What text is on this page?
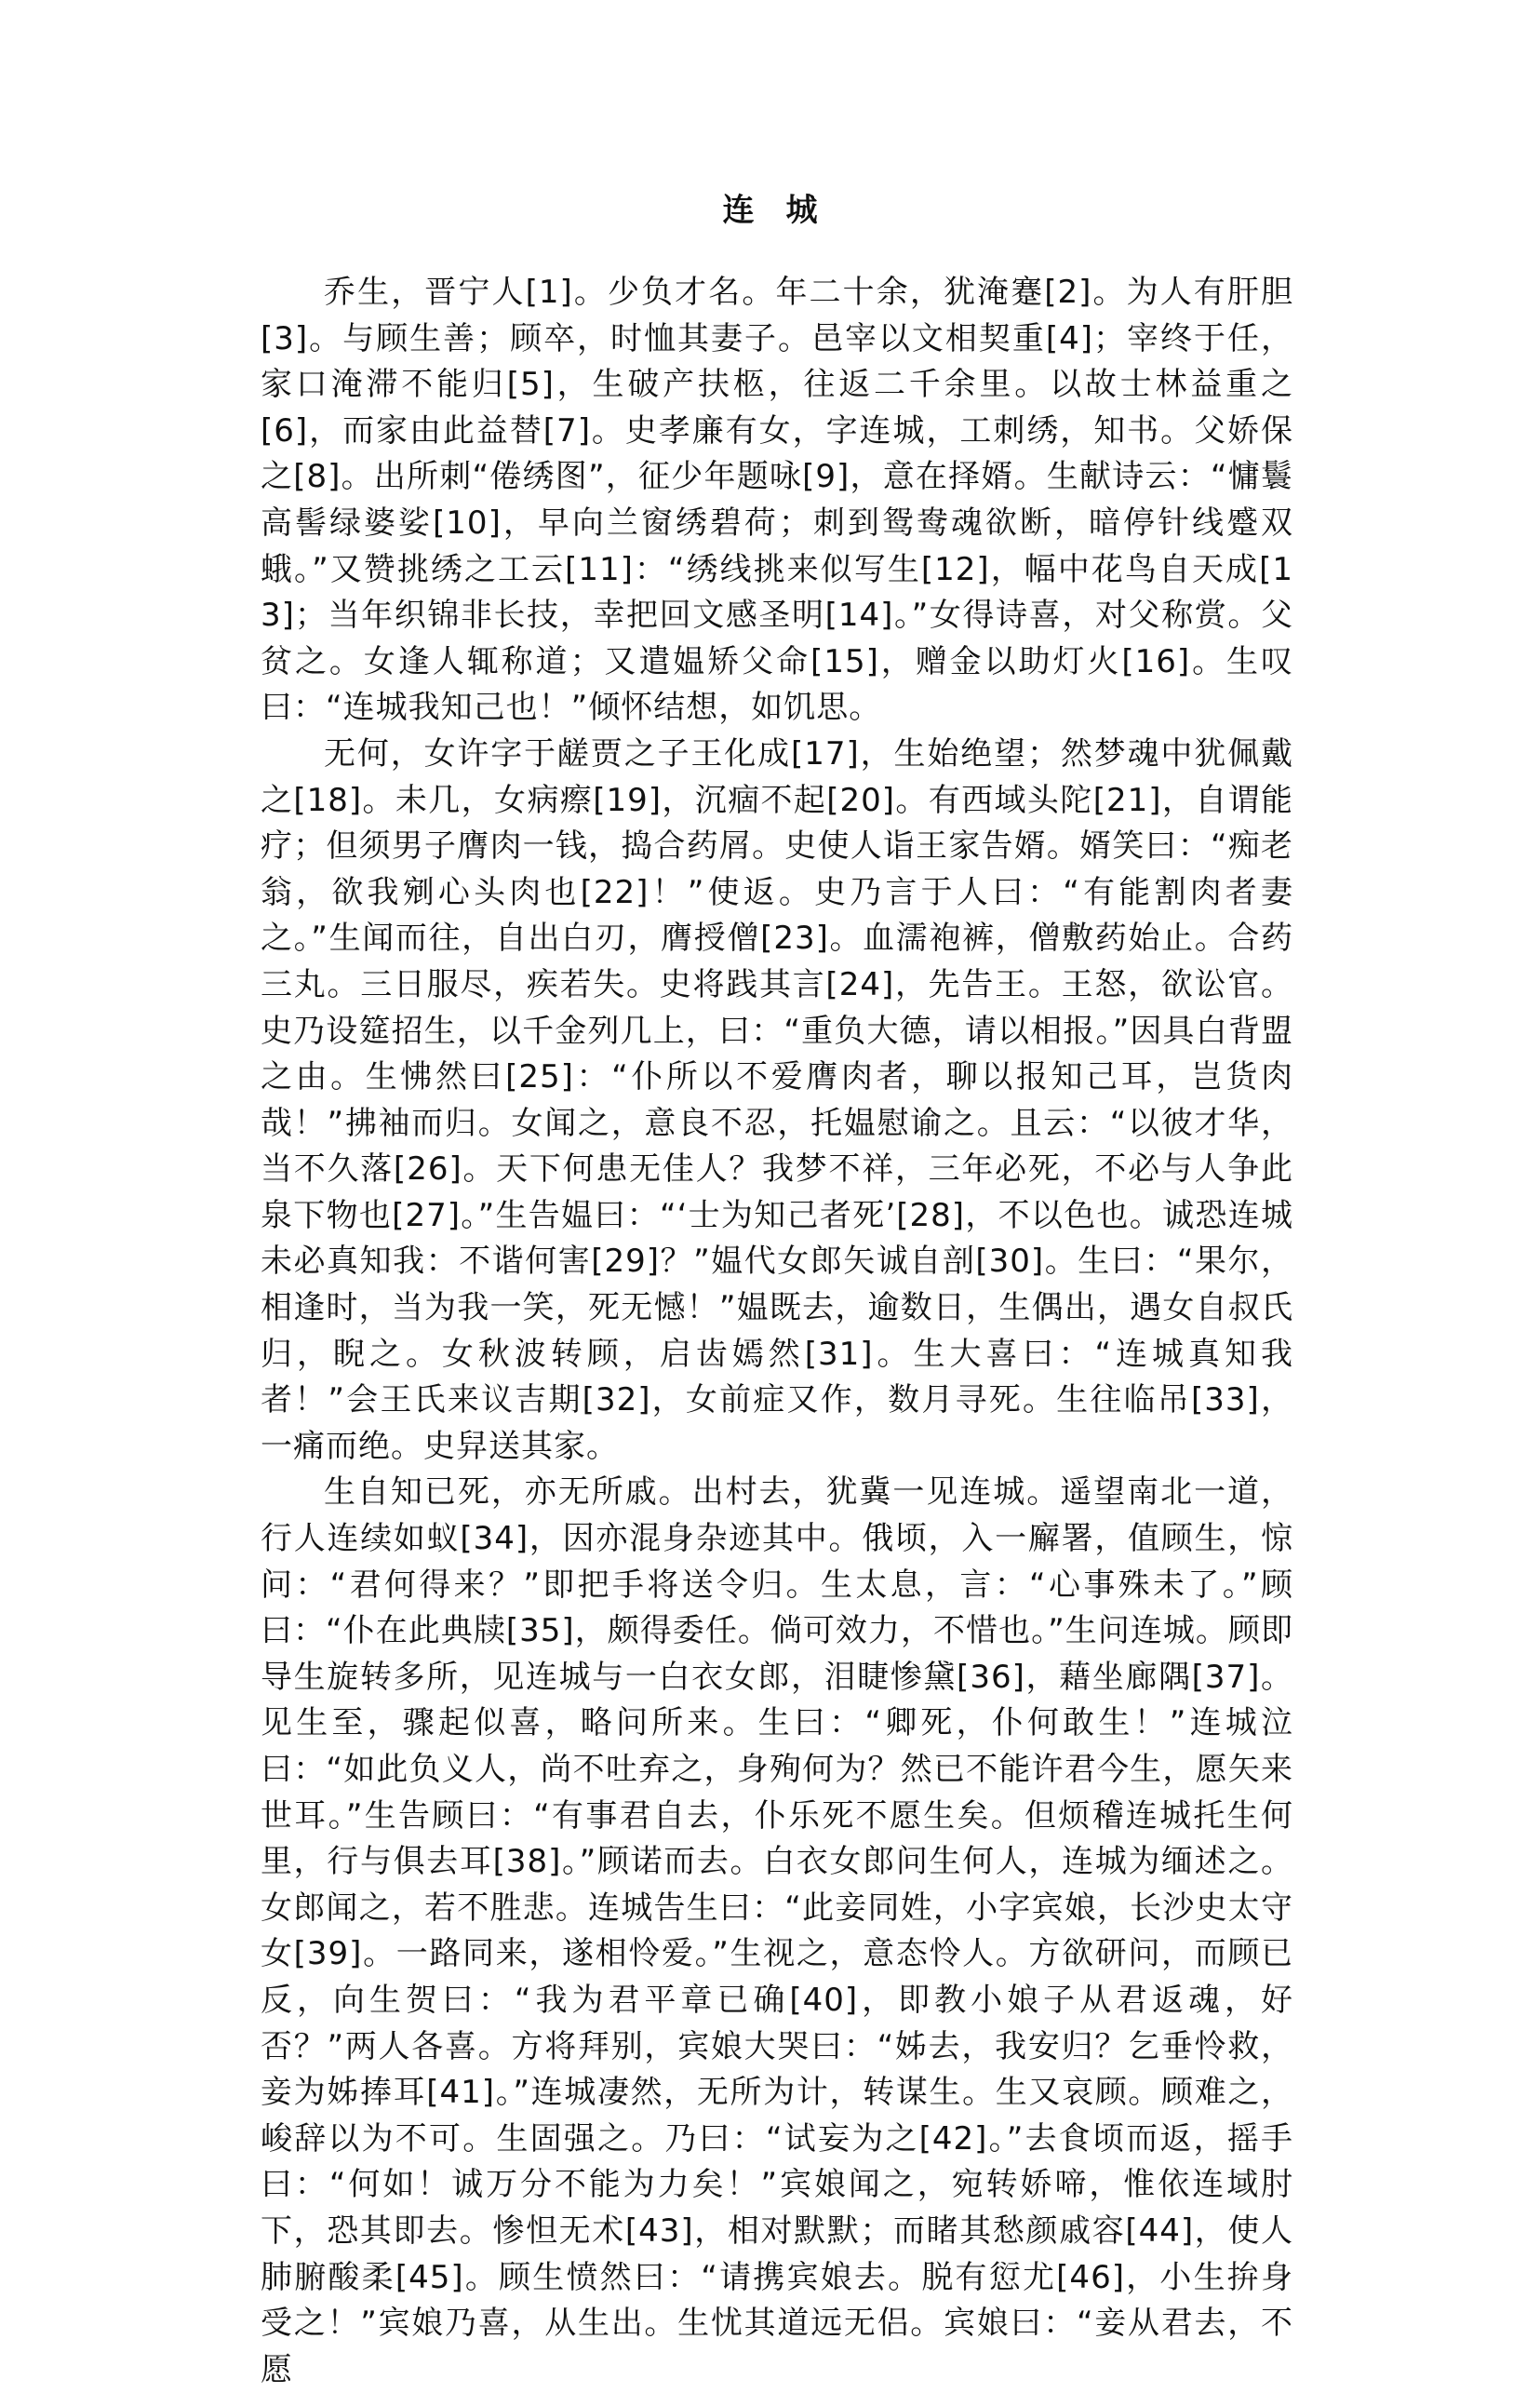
连城

乔生，晋宁人[1]。少负才名。年二十余，犹淹蹇[2]。为人有肝胆[3]。与顾生善；顾卒，时恤其妻子。邑宰以文相契重[4]；宰终于任，家口淹滞不能归[5]，生破产扶柩，往返二千余里。以故士林益重之[6]，而家由此益替[7]。史孝廉有女，字连城，工刺绣，知书。父娇保之[8]。出所刺“倦绣图”，征少年题咏[9]，意在择婿。生献诗云：“慵鬟高髻绿婆娑[10]，早向兰窗绣碧荷；刺到鸳鸯魂欲断，暗停针线蹙双蛾。”又赞挑绣之工云[11]：“绣线挑来似写生[12]，幅中花鸟自天成[13]；当年织锦非长技，幸把回文感圣明[14]。”女得诗喜，对父称赏。父贫之。女逢人辄称道；又遣媪矫父命[15]，赠金以助灯火[16]。生叹曰：“连城我知己也！”倾怀结想，如饥思。

无何，女许字于鹾贾之子王化成[17]，生始绝望；然梦魂中犹佩戴之[18]。未几，女病瘵[19]，沉痼不起[20]。有西域头陀[21]，自谓能疗；但须男子膺肉一钱，捣合药屑。史使人诣王家告婿。婿笑曰：“痴老翁，欲我剜心头肉也[22]！”使返。史乃言于人曰：“有能割肉者妻之。”生闻而往，自出白刃，膺授僧[23]。血濡袍裤，僧敷药始止。合药三丸。三日服尽，疾若失。史将践其言[24]，先告王。王怒，欲讼官。史乃设筵招生，以千金列几上，曰：“重负大德，请以相报。”因具白背盟之由。生怫然曰[25]：“仆所以不爱膺肉者，聊以报知己耳，岂货肉哉！”拂袖而归。女闻之，意良不忍，托媪慰谕之。且云：“以彼才华，当不久落[26]。天下何患无佳人？我梦不祥，三年必死，不必与人争此泉下物也[27]。”生告媪曰：“‘士为知己者死’[28]，不以色也。诚恐连城未必真知我：不谐何害[29]？”媪代女郎矢诚自剖[30]。生曰：“果尔，相逢时，当为我一笑，死无憾！”媪既去，逾数日，生偶出，遇女自叔氏归，睨之。女秋波转顾，启齿嫣然[31]。生大喜曰：“连城真知我者！”会王氏来议吉期[32]，女前症又作，数月寻死。生往临吊[33]，一痛而绝。史舁送其家。

生自知已死，亦无所戚。出村去，犹冀一见连城。遥望南北一道，行人连续如蚁[34]，因亦混身杂迹其中。俄顷，入一廨署，值顾生，惊问：“君何得来？”即把手将送令归。生太息，言：“心事殊未了。”顾曰：“仆在此典牍[35]，颇得委任。倘可效力，不惜也。”生问连城。顾即导生旋转多所，见连城与一白衣女郎，泪睫惨黛[36]，藉坐廊隅[37]。见生至，骤起似喜，略问所来。生曰：“卿死，仆何敢生！”连城泣曰：“如此负义人，尚不吐弃之，身殉何为？然已不能许君今生，愿矢来世耳。”生告顾曰：“有事君自去，仆乐死不愿生矣。但烦稽连城托生何里，行与俱去耳[38]。”顾诺而去。白衣女郎问生何人，连城为缅述之。女郎闻之，若不胜悲。连城告生曰：“此妾同姓，小字宾娘，长沙史太守女[39]。一路同来，遂相怜爱。”生视之，意态怜人。方欲研问，而顾已反，向生贺曰：“我为君平章已确[40]，即教小娘子从君返魂，好否？”两人各喜。方将拜别，宾娘大哭曰：“姊去，我安归？乞垂怜救，妾为姊捧耳[41]。”连城凄然，无所为计，转谋生。生又哀顾。顾难之，峻辞以为不可。生固强之。乃曰：“试妄为之[42]。”去食顷而返，摇手曰：“何如！诚万分不能为力矣！”宾娘闻之，宛转娇啼，惟依连域肘下，恐其即去。惨怛无术[43]，相对默默；而睹其愁颜戚容[44]，使人肺腑酸柔[45]。顾生愤然曰：“请携宾娘去。脱有愆尤[46]，小生拚身受之！”宾娘乃喜，从生出。生忧其道远无侣。宾娘曰：“妾从君去，不愿
